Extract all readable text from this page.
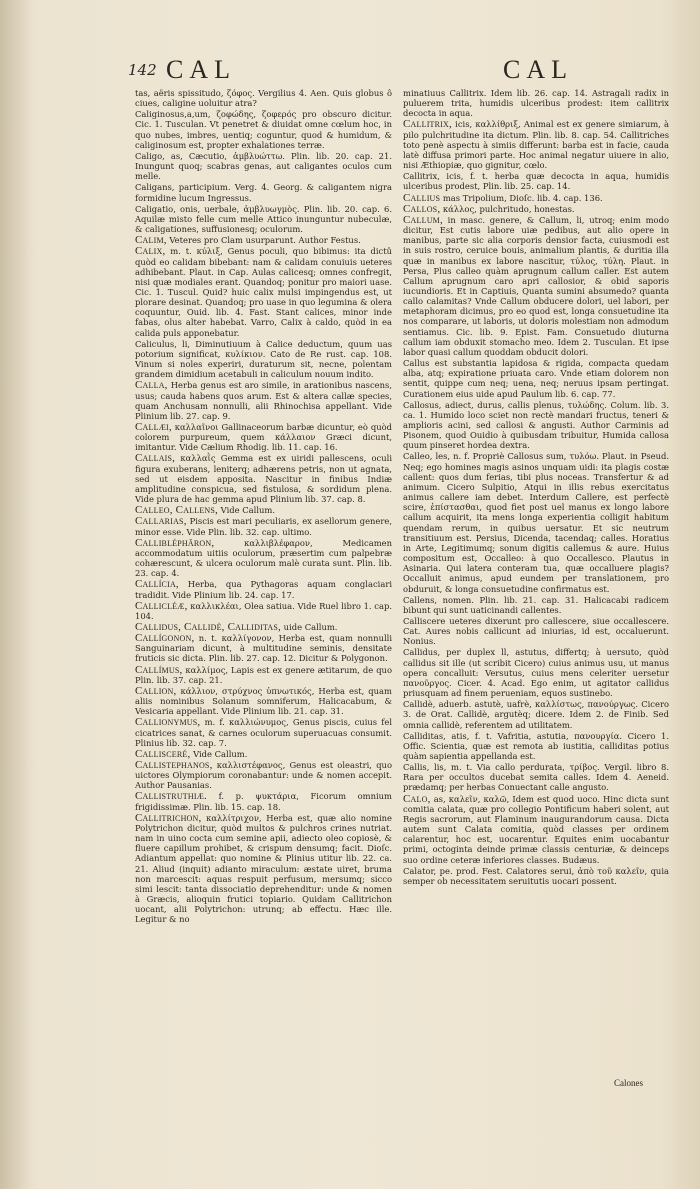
142 CAL	CAL

tas, aëris spissitudo, ζόφος. Vergilius 4. Aen. Quis globus ô ciues, caligine uoluitur atra?

Caliginosus,a,um, ζοφώδης, ζοφερός pro obscuro dicitur. Cic. 1. Tusculan. Vt penetret & diuidat omne cœlum hoc, in quo nubes, imbres, uentiq; coguntur, quod & humidum, & caliginosum est, propter exhalationes terræ.

Caligo, as, Cæcutio, ἀμβλυώττω. Plin. lib. 20. cap. 21. Inungunt quoq; scabras genas, aut caligantes oculos cum melle.

Caligans, participium. Verg. 4. Georg. & caligantem nigra formidine lucum Ingressus.

Caligatio, onis, uerbale, ἀμβλυωγμὸς. Plin. lib. 20. cap. 6. Aquilæ misto felle cum melle Attico inunguntur nubeculæ, & caligationes, suffusionesq; oculorum.

Calim, Veteres pro Clam usurparunt. Author Festus.

Calix, m. t. κύλιξ, Genus poculi, quo bibimus: ita dictû quòd eo calidam bibebant: nam & calidam conuiuis ueteres adhibebant. Plaut. in Cap. Aulas calicesq; omnes confregit, nisi quæ modiales erant. Quandoq; ponitur pro maiori uase. Cic. 1. Tuscul. Quid? huic calix mulsi impingendus est, ut plorare desinat. Quandoq; pro uase in quo legumina & olera coquuntur, Ouid. lib. 4. Fast. Stant calices, minor inde fabas, olus alter habebat. Varro, Calix à caldo, quòd in ea calida puls apponebatur.

Caliculus, li, Diminutiuum à Calice deductum, quum uas potorium significat, κυλίκιον. Cato de Re rust. cap. 108. Vinum si noles experiri, duraturum sit, necne, polentam grandem dimidium acetabuli in caliculum nouum indito.

Calla, Herba genus est aro simile, in arationibus nascens, usus; cauda habens quos arum. Est & altera callæ species, quam Anchusam nonnulli, alii Rhinochisa appellant. Vide Plinium lib. 27. cap. 9.

Callæi, καλλαῖνοι Gallinaceorum barbæ dicuntur, eò quòd colorem purpureum, quem κάλλαιον Græci dicunt, imitantur. Vide Cælium Rhodig. lib. 11. cap. 16.

Callais, καλλαῒς Gemma est ex uiridi pallescens, oculi figura exuberans, leniterq; adhærens petris, non ut agnata, sed ut eisdem apposita. Nascitur in finibus Indiæ amplitudine conspicua, sed fistulosa, & sordidum plena. Vide plura de hac gemma apud Plinium lib. 37. cap. 8.

Calleo, Callens, Vide Callum.

Callarias, Piscis est mari peculiaris, ex asellorum genere, minor esse. Vide Plin. lib. 32. cap. ultimo.

Callibléphāron, καλλιβλέφαρον, Medicamen accommodatum uitiis oculorum, præsertim cum palpebræ cohærescunt, & ulcera oculorum malè curata sunt. Plin. lib. 23. cap. 4.

Callícia, Herba, qua Pythagoras aquam conglaciari tradidit. Vide Plinium lib. 24. cap. 17.

Callicléæ, καλλικλέαι, Olea satiua. Vide Ruel libro 1. cap. 104.

Callidus, Callidè, Calliditas, uide Callum.

Callígonon, n. t. καλλίγονον, Herba est, quam nonnulli Sanguinariam dicunt, à multitudine seminis, densitate fruticis sic dicta. Plin. lib. 27. cap. 12. Dicitur & Polygonon.

Callímus, καλλίμος, Lapis est ex genere ætitarum, de quo Plin. lib. 37. cap. 21.

Callion, κάλλιον, στρύχνος ὑπνωτικός, Herba est, quam aliis nominibus Solanum somniferum, Halicacabum, & Vesicaria appellant. Vide Plinium lib. 21. cap. 31.

Callionymus, m. f. καλλιώνυμος, Genus piscis, cuius fel cicatrices sanat, & carnes oculorum superuacuas consumit. Plinius lib. 32. cap. 7.

Callisceré, Vide Callum.

Callistephanos, καλλιστέφανος, Genus est oleastri, quo uictores Olympiorum coronabantur: unde & nomen accepit. Author Pausanias.

Callistruthiæ. f. p. ψυκτάρια, Ficorum omnium frigidissimæ. Plin. lib. 15. cap. 18.

Callitrichon, καλλίτριχον, Herba est, quæ alio nomine Polytrichon dicitur, quòd multos & pulchros crines nutriat. nam in uino cocta cum semine apii, adiecto oleo copiosè, & fluere capillum prohibet, & crispum densumq; facit. Dioſc. Adiantum appellat: quo nomine & Plinius utitur lib. 22. ca. 21. Aliud (inquit) adianto miraculum: æstate uiret, bruma non marcescit: aquas respuit perfusum, mersumq; sicco simi lescit: tanta dissociatio deprehenditur: unde & nomen à Græcis, alioquin frutici topiario. Quidam Callitrichon uocant, alii Polytrichon: utrunq; ab effectu. Hæc ille. Legitur & no

minatiuus Callitrix. Idem lib. 26. cap. 14. Astragali radix in puluerem trita, humidis ulceribus prodest: item callitrix decocta in aqua.

Callitrix, icis, καλλίθριξ, Animal est ex genere simiarum, à pilo pulchritudine ita dictum. Plin. lib. 8. cap. 54. Callitriches toto penè aspectu à simiis differunt: barba est in facie, cauda latè diffusa primori parte. Hoc animal negatur uiuere in alio, nisi Æthiopiæ, quo gignitur, cœlo.

Callitrix, icis, f. t. herba quæ decocta in aqua, humidis ulceribus prodest, Plin. lib. 25. cap. 14.

Callius mas Tripolium, Dioſc. lib. 4. cap. 136.

Callos, κάλλος, pulchritudo, honestas.

Callum, in masc. genere, & Callum, li, utroq; enim modo dicitur, Est cutis labore uiæ pedibus, aut alio opere in manibus, parte sic alia corporis densior facta, cuiusmodi est in suis rostro, ceruice bouis, animalium plantis, & duritia illa quæ in manibus ex labore nascitur, τύλος, τύλη. Plaut. in Persa, Plus calleo quàm aprugnum callum caller. Est autem Callum aprugnum caro apri callosior, & obid saporis iucundioris. Et in Captiuis, Quanta sumini absumedo? quanta callo calamitas? Vnde Callum obducere dolori, uel labori, per metaphoram dicimus, pro eo quod est, longa consuetudine ita nos comparare, ut laboris, ut doloris molestiam non admodum sentiamus. Cic. lib. 9. Epist. Fam. Consuetudo diuturna callum iam obduxit stomacho meo. Idem 2. Tusculan. Et ipse labor quasi callum quoddam obducit dolori.

Callus est substantia lapidosa & rigida, compacta quedam alba, atq; expiratione priuata caro. Vnde etiam dolorem non sentit, quippe cum neq; uena, neq; neruus ipsam pertingat. Curationem eius uide apud Paulum lib. 6. cap. 77.

Callosus, adiect, durus, callis plenus, τυλώδης. Colum. lib. 3. ca. 1. Humido loco sciet non rectè mandari fructus, teneri & amplioris acini, sed callosi & angusti. Author Carminis ad Pisonem, quod Ouidio à quibusdam tribuitur, Humida callosa quum pinseret hordea dextra.

Calleo, les, n. f. Propriè Callosus sum, τυλόω. Plaut. in Pseud. Neq; ego homines magis asinos unquam uidi: ita plagis costæ callent: quos dum ferias, tibi plus noceas. Transfertur & ad animum. Cicero Sulpitio, Atqui in illis rebus exercitatus animus callere iam debet. Interdum Callere, est perfectè scire, ἐπίστασθαι, quod fiet post uel manus ex longo labore callum acquirit, ita mens longa experientia colligit habitum quendam rerum, in quibus uersatur. Et sic neutrum transitiuum est. Persius, Dicenda, tacendaq; calles. Horatius in Arte, Legitimumq; sonum digitis callemus & aure. Huius compositum est, Occalleo: à quo Occallesco. Plautus in Asinaria. Qui latera conteram tua, quæ occalluere plagis? Occalluit animus, apud eundem per translationem, pro obduruit, & longa consuetudine confirmatus est.

Callens, nomen. Plin. lib. 21. cap. 31. Halicacabi radicem bibunt qui sunt uaticinandi callentes.

Calliscere ueteres dixerunt pro callescere, siue occallescere. Cat. Aures nobis callicunt ad iniurias, id est, occaluerunt. Nonius.

Callidus, per duplex ll, astutus, differtq; à uersuto, quòd callidus sit ille (ut scribit Cicero) cuius animus usu, ut manus opera concalluit: Versutus, cuius mens celeriter uersetur πανοῦργος. Cicer. 4. Acad. Ego enim, ut agitator callidus priusquam ad finem perueniam, equos sustinebo.

Callidè, aduerb. astutè, uafrè, καλλίστως, πανούργως. Cicero 3. de Orat. Callidè, argutèq; dicere. Idem 2. de Finib. Sed omnia callidè, referentem ad utilitatem.

Calliditas, atis, f. t. Vafritia, astutia, πανουργία. Cicero 1. Offic. Scientia, quæ est remota ab iustitia, calliditas potius quàm sapientia appellanda est.

Callis, lis, m. t. Via callo perdurata, τρίβος. Vergil. libro 8. Rara per occultos ducebat semita calles. Idem 4. Aeneid. prædamq; per herbas Conuectant calle angusto.

Calo, as, καλεῖν, καλῶ, Idem est quod uoco. Hinc dicta sunt comitia calata, quæ pro collegio Pontificum haberi solent, aut Regis sacrorum, aut Flaminum inaugurandorum causa. Dicta autem sunt Calata comitia, quòd classes per ordinem calarentur, hoc est, uocarentur. Equites enim uocabantur primi, octoginta deinde primæ classis centuriæ, & deinceps suo ordine ceteræ inferiores classes. Budæus.

Calator, pe. prod. Fest. Calatores serui, ἀπὸ τοῦ καλεῖν, quia semper ob necessitatem seruitutis uocari possent.

Calones
